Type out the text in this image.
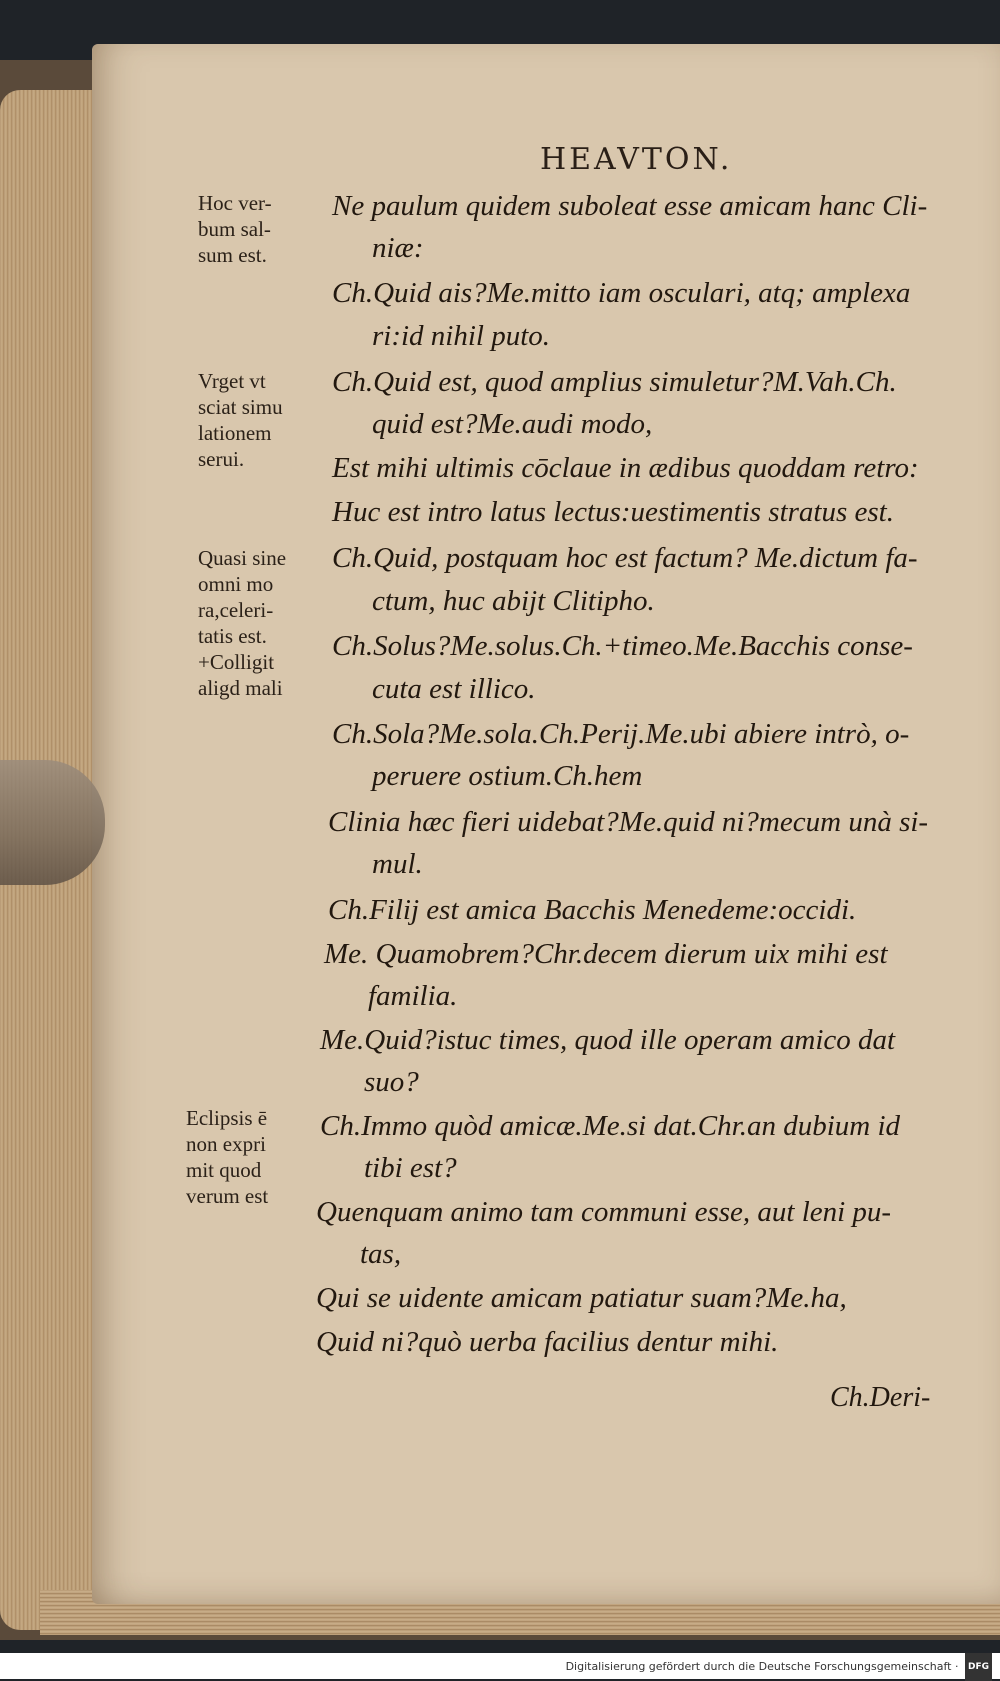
HEAVTON.
Hoc ver-
bum sal-
sum est.
Vrget vt
sciat simu
lationem
serui.
Quasi sine
omni mo
ra,celeri-
tatis est.
+Colligit
aligd mali
Eclipsis ē
non expri
mit quod
verum est
Ne paulum quidem suboleat esse amicam hanc Cli-
niæ:
Ch.Quid ais?Me.mitto iam osculari, atq; amplexa
ri:id nihil puto.
Ch.Quid est, quod amplius simuletur?M.Vah.Ch.
quid est?Me.audi modo,
Est mihi ultimis cōclaue in ædibus quoddam retro:
Huc est intro latus lectus:uestimentis stratus est.
Ch.Quid, postquam hoc est factum? Me.dictum fa-
ctum, huc abijt Clitipho.
Ch.Solus?Me.solus.Ch.+timeo.Me.Bacchis conse-
cuta est illico.
Ch.Sola?Me.sola.Ch.Perij.Me.ubi abiere intrò, o-
peruere ostium.Ch.hem
Clinia hæc fieri uidebat?Me.quid ni?mecum unà si-
mul.
Ch.Filij est amica Bacchis Menedeme:occidi.
Me. Quamobrem?Chr.decem dierum uix mihi est
familia.
Me.Quid?istuc times, quod ille operam amico dat
suo?
Ch.Immo quòd amicæ.Me.si dat.Chr.an dubium id
tibi est?
Quenquam animo tam communi esse, aut leni pu-
tas,
Qui se uidente amicam patiatur suam?Me.ha,
Quid ni?quò uerba facilius dentur mihi.
Ch.Deri-
Digitalisierung gefördert durch die Deutsche Forschungsgemeinschaft · DFG
